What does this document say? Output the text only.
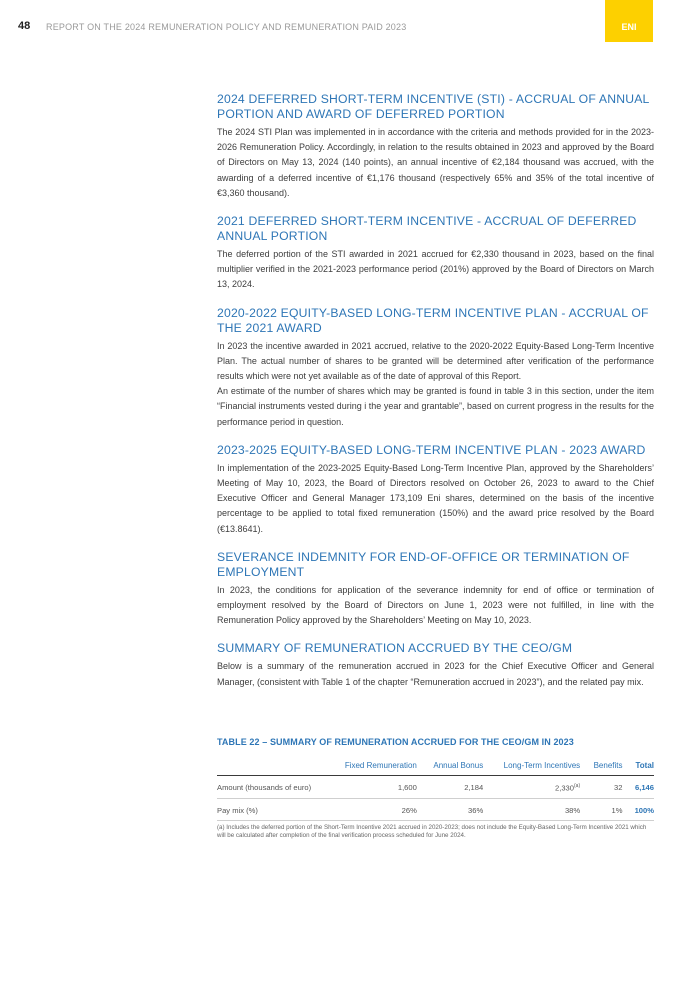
48 REPORT ON THE 2024 REMUNERATION POLICY AND REMUNERATION PAID 2023	ENI
2024 DEFERRED SHORT-TERM INCENTIVE (STI) - ACCRUAL OF ANNUAL PORTION AND AWARD OF DEFERRED PORTION

The 2024 STI Plan was implemented in in accordance with the criteria and methods provided for in the 2023-2026 Remuneration Policy. Accordingly, in relation to the results obtained in 2023 and approved by the Board of Directors on May 13, 2024 (140 points), an annual incentive of €2,184 thousand was accrued, with the awarding of a deferred incentive of €1,176 thousand (respectively 65% and 35% of the total incentive of €3,360 thousand).

2021 DEFERRED SHORT-TERM INCENTIVE - ACCRUAL OF DEFERRED ANNUAL PORTION

The deferred portion of the STI awarded in 2021 accrued for €2,330 thousand in 2023, based on the final multiplier verified in the 2021-2023 performance period (201%) approved by the Board of Directors on March 13, 2024.

2020-2022 EQUITY-BASED LONG-TERM INCENTIVE PLAN - ACCRUAL OF THE 2021 AWARD

In 2023 the incentive awarded in 2021 accrued, relative to the 2020-2022 Equity-Based Long-Term Incentive Plan. The actual number of shares to be granted will be determined after verification of the performance results which were not yet available as of the date of approval of this Report.

An estimate of the number of shares which may be granted is found in table 3 in this section, under the item “Financial instruments vested during i the year and grantable”, based on current progress in the results for the performance period in question.

2023-2025 EQUITY-BASED LONG-TERM INCENTIVE PLAN - 2023 AWARD

In implementation of the 2023-2025 Equity-Based Long-Term Incentive Plan, approved by the Shareholders’ Meeting of May 10, 2023, the Board of Directors resolved on October 26, 2023 to award to the Chief Executive Officer and General Manager 173,109 Eni shares, determined on the basis of the incentive percentage to be applied to total fixed remuneration (150%) and the award price resolved by the Board (€13.8641).

SEVERANCE INDEMNITY FOR END-OF-OFFICE OR TERMINATION OF EMPLOYMENT

In 2023, the conditions for application of the severance indemnity for end of office or termination of employment resolved by the Board of Directors on June 1, 2023 were not fulfilled, in line with the Remuneration Policy approved by the Shareholders’ Meeting on May 10, 2023.

SUMMARY OF REMUNERATION ACCRUED BY THE CEO/GM

Below is a summary of the remuneration accrued in 2023 for the Chief Executive Officer and General Manager, (consistent with Table 1 of the chapter “Remuneration accrued in 2023”), and the related pay mix.

TABLE 22 – SUMMARY OF REMUNERATION ACCRUED FOR THE CEO/GM IN 2023
	Fixed Remuneration	Annual Bonus	Long-Term Incentives	Benefits	Total
Amount (thousands of euro)	1,600	2,184	2,330$^{(a)}$	32	6,146
Pay mix (%)	26%	36%	38%	1%	100%
(a) Includes the deferred portion of the Short-Term Incentive 2021 accrued in 2020-2023; does not include the Equity-Based Long-Term Incentive 2021 which will be calculated after completion of the final verification process scheduled for June 2024.
